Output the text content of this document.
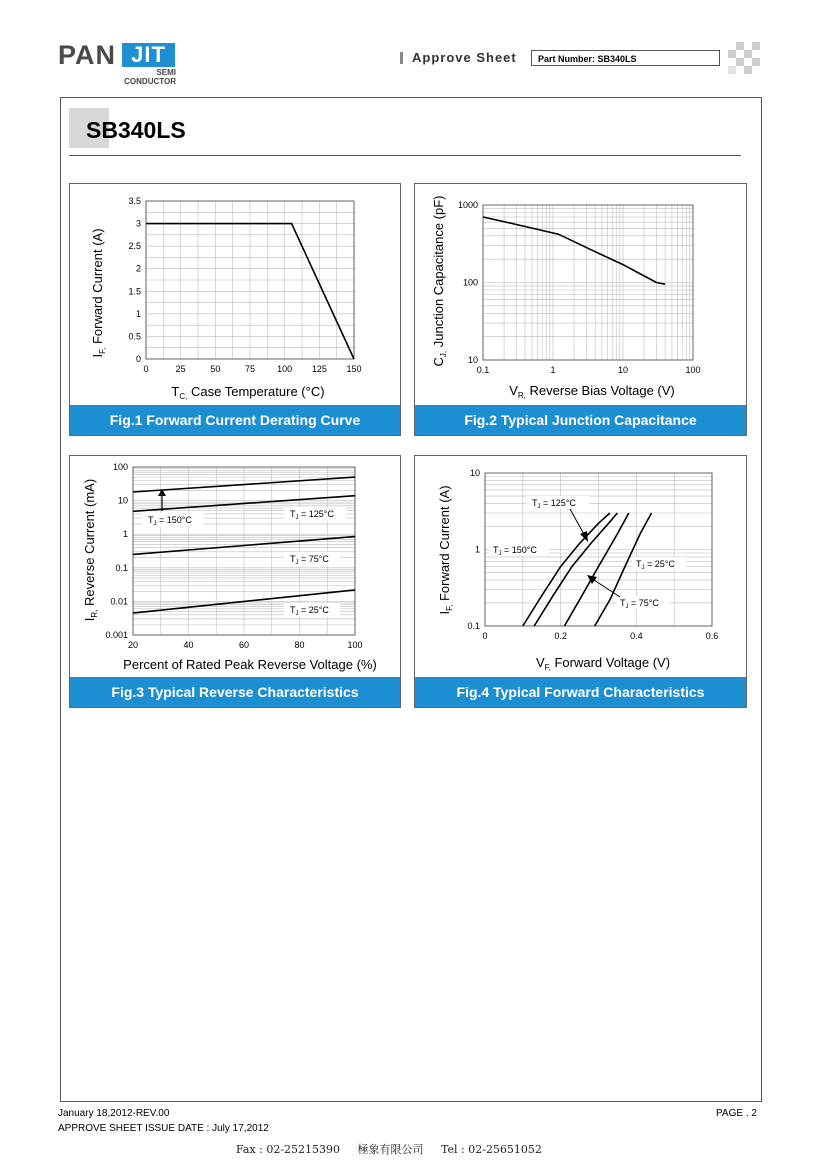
PAN JIT
SEMI
CONDUCTOR
Approve Sheet	Part Number: SB340LS
SB340LS
0	25	50	75 100 125 150
0
0.5
1
1.5
2
2.5
3
3.5
$I_{F,}$ Forward Current (A)
$T_{C,}$ Case Temperature (°C)
Fig.1 Forward Current Derating Curve
0.1	1	10	100
10
100
1000
$C_{J,}$ Junction Capacitance (pF)
$V_{R,}$ Reverse Bias Voltage (V)
Fig.2 Typical Junction Capacitance
20	40	60	80	100
0.001
0.01
0.1
1
10
100
$T_J = 150^\circ C$
$T_J = 125^\circ C$
$T_J = 75^\circ C$
$T_J = 25^\circ C$
$I_{R,}$ Reverse Current (mA)
Percent of Rated Peak Reverse Voltage (%)
Fig.3 Typical Reverse Characteristics
0	0.2	0.4	0.6
0.1
1
10
$T_J = 125^\circ C$
$T_J = 150^\circ C$
$T_J = 25^\circ C$
$T_J = 75^\circ C$
$I_{F,}$ Forward Current (A)
$V_{F,}$ Forward Voltage (V)
Fig.4 Typical Forward Characteristics
January 18,2012-REV.00
APPROVE SHEET ISSUE DATE : July 17,2012
PAGE . 2
Fax : 02-25215390     極象有限公司     Tel : 02-25651052
